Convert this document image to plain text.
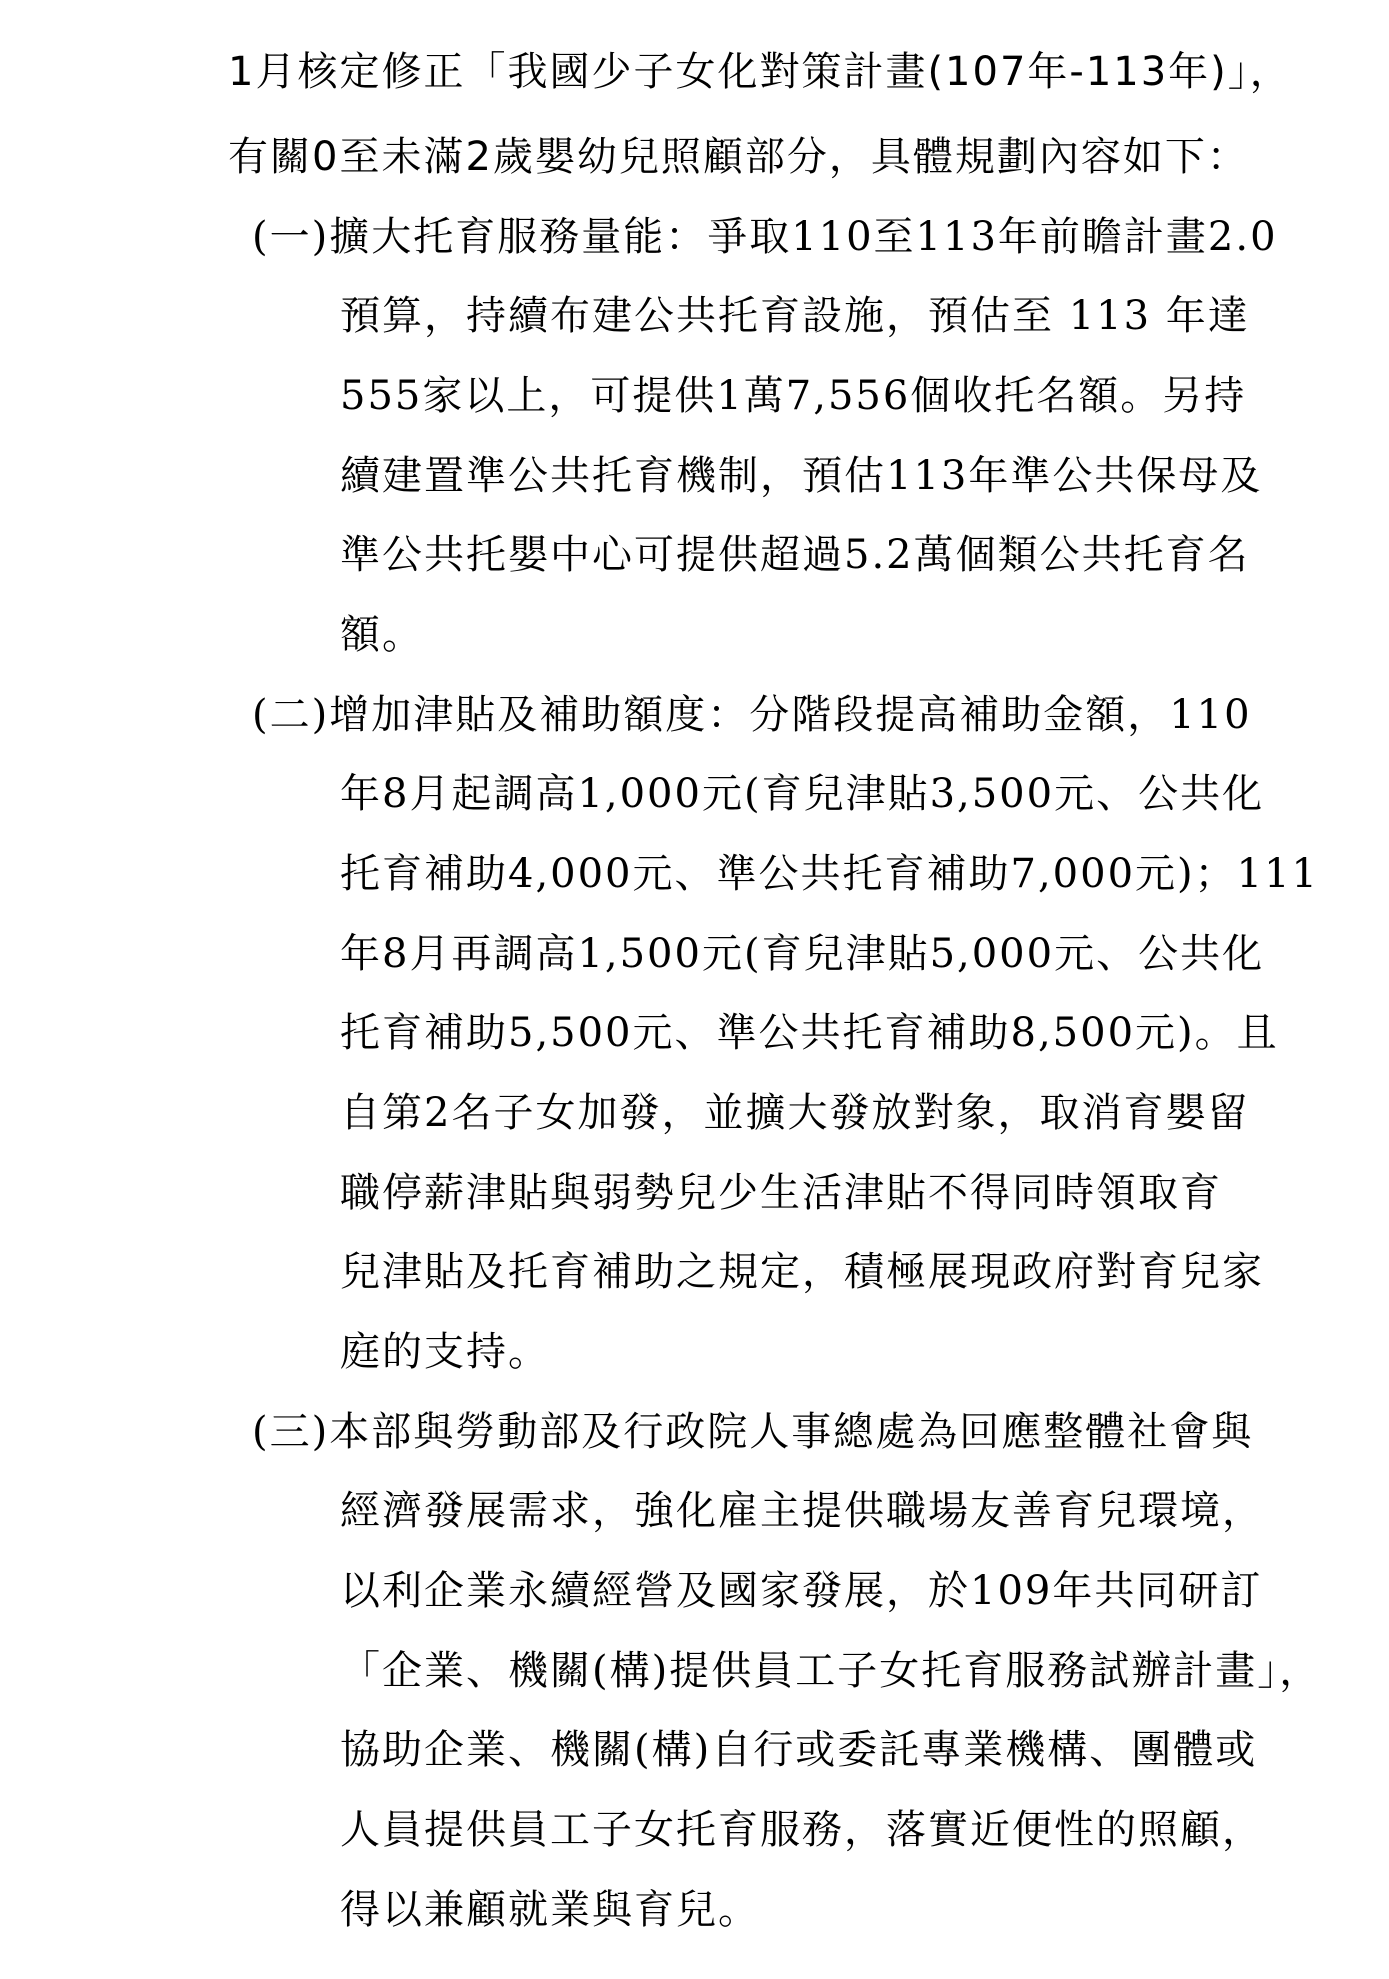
1月核定修正「我國少子女化對策計畫(107年-113年)」，
有關0至未滿2歲嬰幼兒照顧部分，具體規劃內容如下：
(一)擴大托育服務量能：爭取110至113年前瞻計畫2.0
預算，持續布建公共托育設施，預估至 113 年達
555家以上，可提供1萬7,556個收托名額。另持
續建置準公共托育機制，預估113年準公共保母及
準公共托嬰中心可提供超過5.2萬個類公共托育名
額。
(二)增加津貼及補助額度：分階段提高補助金額，110
年8月起調高1,000元(育兒津貼3,500元、公共化
托育補助4,000元、準公共托育補助7,000元)；111
年8月再調高1,500元(育兒津貼5,000元、公共化
托育補助5,500元、準公共托育補助8,500元)。且
自第2名子女加發，並擴大發放對象，取消育嬰留
職停薪津貼與弱勢兒少生活津貼不得同時領取育
兒津貼及托育補助之規定，積極展現政府對育兒家
庭的支持。
(三)本部與勞動部及行政院人事總處為回應整體社會與
經濟發展需求，強化雇主提供職場友善育兒環境，
以利企業永續經營及國家發展，於109年共同研訂
「企業、機關(構)提供員工子女托育服務試辦計畫」，
協助企業、機關(構)自行或委託專業機構、團體或
人員提供員工子女托育服務，落實近便性的照顧，
得以兼顧就業與育兒。
